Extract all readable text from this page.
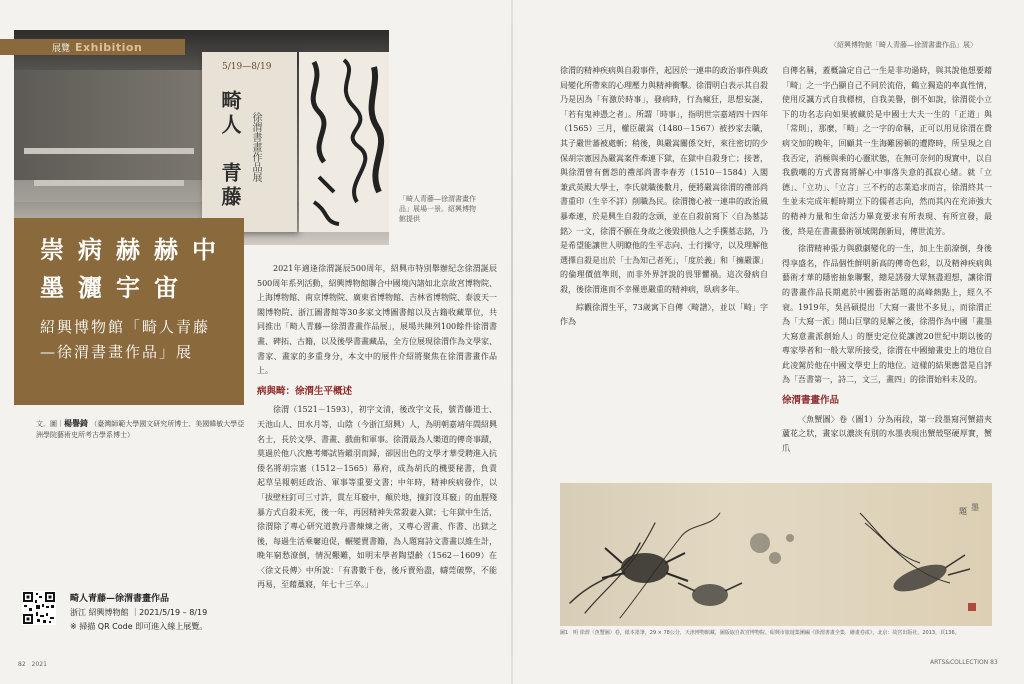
5/19—8/19
畸人　青藤 徐渭書畫作品展
展覽 Exhibition
「畸人青藤—徐渭書畫作品」展場一景。紹興博物館提供
崇病赫赫中
墨灑宇宙
紹興博物館「畸人青藤
—徐渭書畫作品」展
文．圖｜楊譽錡 （臺灣師範大學國文研究所博士、美國韓敏大學亞洲學院藝術史所考古學系博士）
畸人青藤—徐渭書畫作品
浙江 紹興博物館 ｜2021/5/19 – 8/19
※ 掃描 QR Code 即可進入線上展覽。
82　2021	ARTS&COLLECTION 83

2021年適逢徐渭誕辰500周年，紹興市特別舉辦紀念徐渭誕辰500周年系列活動，紹興博物館聯合中國境內諸如北京故宮博物院、上海博物館、南京博物院、廣東省博物館、吉林省博物院、泰波天一閣博物院、浙江圖書館等30多家文博圖書館以及古籍收藏單位，共同推出「畸人青藤—徐渭書畫作品展」，展場共陳列100餘件徐渭書畫、碑拓、古籍，以及後學書畫藏品，全方位展現徐渭作為文學家、書家、畫家的多重身分，本文中的展件介紹將聚焦在徐渭書畫作品上。

病與畸：徐渭生平概述

徐渭（1521－1593），初字文清，後改字文長，號青藤道士、天池山人、田水月等，山陰（今浙江紹興）人，為明朝嘉靖年間紹興名士，長於文學、書畫、戲曲和軍事。徐渭最為人樂道的傳奇事蹟，莫過於他八次應考鄉試皆鎩羽而歸，卻因出色的文學才華受聘進入抗倭名將胡宗憲（1512－1565）幕府，成為胡氏的機要秘書，負責起草呈報朝廷政治、軍事等重要文書；中年時，精神疾病發作，以「拔壁柱釘可三寸許，貫左耳竅中，顛於地，撞釘沒耳竅」的血腥殘暴方式自殺未死，後一年，再因精神失常殺妻入獄；七年獄中生活，徐渭除了專心研究道教丹書煉煉之術，又專心習畫、作書、出獄之後，每過生活乘窶迫促，輾變賣書籍，為人題寫詩文書畫以維生計，晚年窮愁潦倒，情況艱難，如明末學者陶望齡（1562－1609）在〈徐文長傳〉中所說：「有書數千卷，後斥賣殆盡，幬莞破弊，不能再易，至藉藁寢，年七十三卒。」

〈紹興博物館「畸人青藤—徐渭書畫作品」展〉

徐渭的精神疾病與自殺事件，起因於一連串的政治事件與政局變化所帶來的心理壓力與精神衝擊。徐渭明白表示其自殺乃是因為「有激於時事」，發病時，行為瘋狂，思想妄誕，「若有鬼神憑之者」。所謂「時事」，指明世宗嘉靖四十四年（1565）三月，權臣嚴嵩（1480－1567）被抄家去職，其子嚴世蕃被處斬；稍後，與嚴嵩關係交好，來往密切的少保胡宗憲因為嚴嵩案件牽連下獄，在獄中自殺身亡；接著，與徐渭曾有舊怨的禮部尚書李春芳（1510－1584）入閣兼武英殿大學士，李氏就職後數月，便將嚴嵩徐渭的禮部尚書重印（生辛不詳）削職為民。徐渭擔心被一連串的政治風暴牽連，於是興生自殺的念頭，並在自殺前寫下〈自為墓誌銘〉一文，徐渭不願在身故之後毀損他人之手撰墓志銘，乃是希望能讓世人明瞭他的生平志向、士行操守，以及理解他選擇自殺是出於「士為知己者死」，「度於義」和「擁嚴潔」的倫理價值準則，而非外界評說的畏罪懼禍。這次發病自殺，後徐渭進而不幸罹患嚴重的精神病，臥病多年。

綜觀徐渭生平，73歲寓下自傳〈畸譜〉，並以「畸」字作為

自傳名稱，蓋概論定自己一生是非功過時，與其說他想要藉「畸」之一字凸顯自己不同於流俗，鶴立獨造的率真性情，使用反諷方式自我標榜，自我美譽，倒不如說，徐渭從小立下的功名志向如果被藏於是中國士大夫一生的「正道」與「常則」，那麼，「畸」之一字的命稱，正可以用見徐渭在費病交加的晚年，回顧其一生海難困頓的遭際時，所呈現之自我否定，消極與乘的心靈狀態，在無可奈何的現實中，以自我戲嘲的方式書寫將解心中事落失意的孤寂心緒。就「立德」、「立功」、「立言」三不朽的志業追求而言，徐渭終其一生並未完成年輕時期立下的儒者志向，然而其內在充沛強大的精神力量和生命活力畢竟要求有所表現、有所宣發，最後，終是在書畫藝術領域開創新局，傳世流芳。

徐渭精神張力與戲劇變化的一生，加上生前潦倒，身後得享盛名，作品個性鮮明新高的傳奇色彩，以及精神疾病與藝術才華的隱密抽象聯繫，總是誘發大眾無盡遐想，讓徐渭的書畫作品長期處於中國藝術話題的高峰熱點上，經久不衰。1919年，吳昌碩提出「大寫一畫世不多見」，而徐渭正為「大寫一派」開山巨擘的見解之後，徐渭作為中國「畫墨大寫意畫派創始人」的歷史定位從讓渡20世紀中期以後的專家學者和一般大眾所接受，徐渭在中國繪畫史上的地位自此凌駕於他在中國文學史上的地位。這樣的結果應當是自評為「吾書第一，詩二，文三，畫四」的徐渭始料未及的。

徐渭書畫作品

〈魚蟹圖〉卷（圖1）分為兩段，第一段墨寫河蟹錯夾蘆花之狀，畫家以濃淡有別的水墨表現出蟹殼堅硬厚實，蟹爪

墨
題
圖1　明 徐渭〈魚蟹圖〉卷，紙本墨筆，29 × 78公分，天津博物館藏，圖版取自故宮博物院、紹興市旅遊集團編《徐渭書畫全集．繪畫卷貳》，北京：故宮出版社，2013，頁136。
